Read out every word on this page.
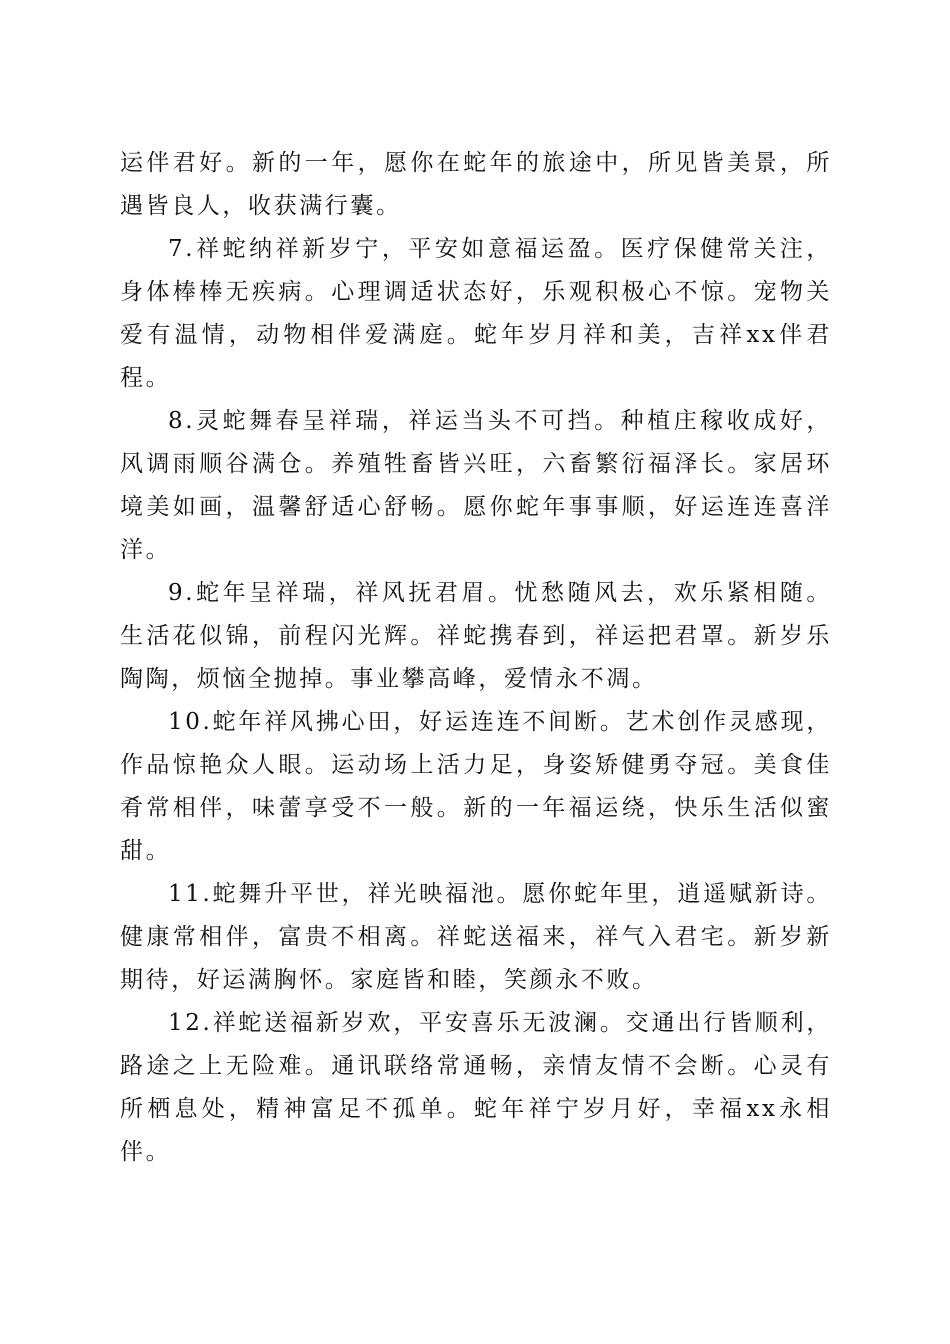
运伴君好。新的一年，愿你在蛇年的旅途中，所见皆美景，所遇皆良人，收获满行囊。

7.祥蛇纳祥新岁宁，平安如意福运盈。医疗保健常关注，身体棒棒无疾病。心理调适状态好，乐观积极心不惊。宠物关爱有温情，动物相伴爱满庭。蛇年岁月祥和美，吉祥xx伴君程。

8.灵蛇舞春呈祥瑞，祥运当头不可挡。种植庄稼收成好，风调雨顺谷满仓。养殖牲畜皆兴旺，六畜繁衍福泽长。家居环境美如画，温馨舒适心舒畅。愿你蛇年事事顺，好运连连喜洋洋。

9.蛇年呈祥瑞，祥风抚君眉。忧愁随风去，欢乐紧相随。生活花似锦，前程闪光辉。祥蛇携春到，祥运把君罩。新岁乐陶陶，烦恼全抛掉。事业攀高峰，爱情永不凋。

10.蛇年祥风拂心田，好运连连不间断。艺术创作灵感现，作品惊艳众人眼。运动场上活力足，身姿矫健勇夺冠。美食佳肴常相伴，味蕾享受不一般。新的一年福运绕，快乐生活似蜜甜。

11.蛇舞升平世，祥光映福池。愿你蛇年里，逍遥赋新诗。健康常相伴，富贵不相离。祥蛇送福来，祥气入君宅。新岁新期待，好运满胸怀。家庭皆和睦，笑颜永不败。

12.祥蛇送福新岁欢，平安喜乐无波澜。交通出行皆顺利，路途之上无险难。通讯联络常通畅，亲情友情不会断。心灵有所栖息处，精神富足不孤单。蛇年祥宁岁月好，幸福xx永相伴。
